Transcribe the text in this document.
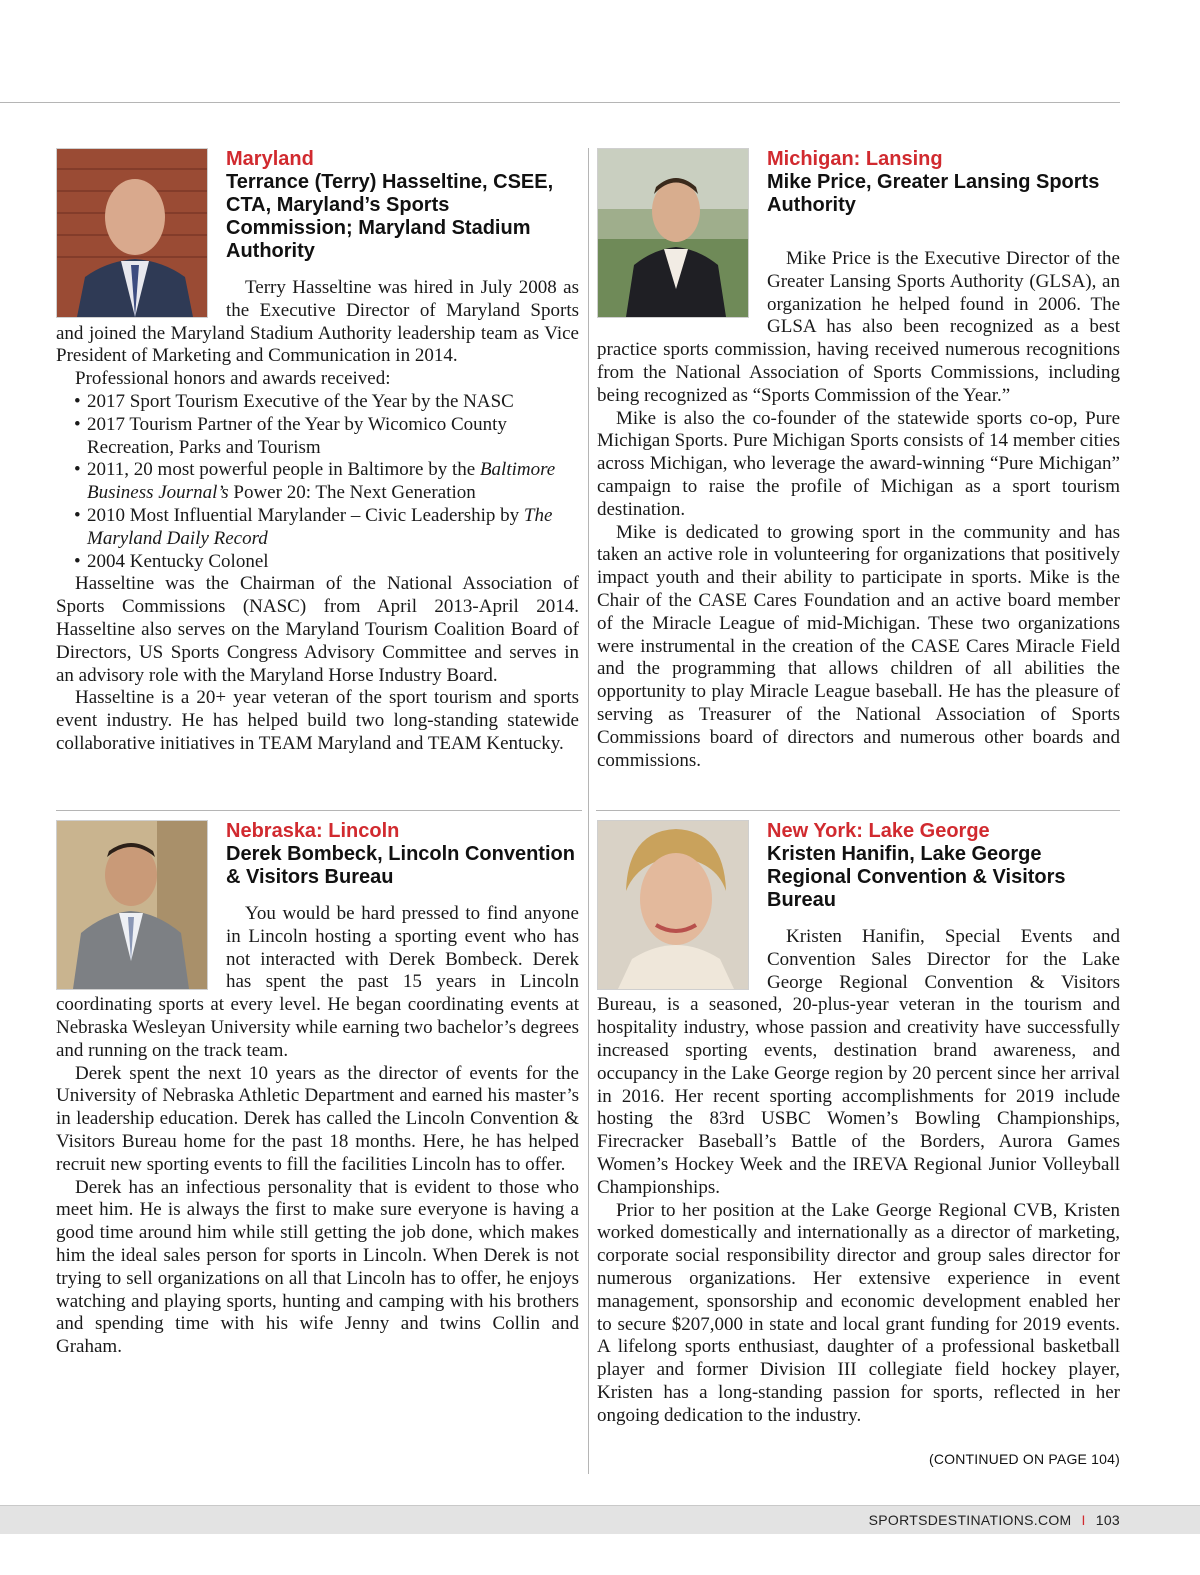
Maryland
Terrance (Terry) Hasseltine, CSEE, CTA, Maryland’s Sports Commission; Maryland Stadium Authority

Terry Hasseltine was hired in July 2008 as the Executive Director of Maryland Sports and joined the Maryland Stadium Authority leadership team as Vice President of Marketing and Communication in 2014.

Professional honors and awards received:

• 2017 Sport Tourism Executive of the Year by the NASC
• 2017 Tourism Partner of the Year by Wicomico County Recreation, Parks and Tourism
• 2011, 20 most powerful people in Baltimore by the Baltimore Business Journal’s Power 20: The Next Generation
• 2010 Most Influential Marylander – Civic Leadership by The Maryland Daily Record
• 2004 Kentucky Colonel

Hasseltine was the Chairman of the National Association of Sports Commissions (NASC) from April 2013-April 2014. Hasseltine also serves on the Maryland Tourism Coalition Board of Directors, US Sports Congress Advisory Committee and serves in an advisory role with the Maryland Horse Industry Board.

Hasseltine is a 20+ year veteran of the sport tourism and sports event industry. He has helped build two long-standing statewide collaborative initiatives in TEAM Maryland and TEAM Kentucky.

Michigan: Lansing
Mike Price, Greater Lansing Sports Authority

Mike Price is the Executive Director of the Greater Lansing Sports Authority (GLSA), an organization he helped found in 2006. The GLSA has also been recognized as a best practice sports commission, having received numerous recognitions from the National Association of Sports Commissions, including being recognized as “Sports Commission of the Year.”

Mike is also the co-founder of the statewide sports co-op, Pure Michigan Sports. Pure Michigan Sports consists of 14 member cities across Michigan, who leverage the award-winning “Pure Michigan” campaign to raise the profile of Michigan as a sport tourism destination.

Mike is dedicated to growing sport in the community and has taken an active role in volunteering for organizations that positively impact youth and their ability to participate in sports. Mike is the Chair of the CASE Cares Foundation and an active board member of the Miracle League of mid-Michigan. These two organizations were instrumental in the creation of the CASE Cares Miracle Field and the programming that allows children of all abilities the opportunity to play Miracle League baseball. He has the pleasure of serving as Treasurer of the National Association of Sports Commissions board of directors and numerous other boards and commissions.

Nebraska: Lincoln
Derek Bombeck, Lincoln Convention & Visitors Bureau

You would be hard pressed to find anyone in Lincoln hosting a sporting event who has not interacted with Derek Bombeck. Derek has spent the past 15 years in Lincoln coordinating sports at every level. He began coordinating events at Nebraska Wesleyan University while earning two bachelor’s degrees and running on the track team.

Derek spent the next 10 years as the director of events for the University of Nebraska Athletic Department and earned his master’s in leadership education. Derek has called the Lincoln Convention & Visitors Bureau home for the past 18 months. Here, he has helped recruit new sporting events to fill the facilities Lincoln has to offer.

Derek has an infectious personality that is evident to those who meet him. He is always the first to make sure everyone is having a good time around him while still getting the job done, which makes him the ideal sales person for sports in Lincoln. When Derek is not trying to sell organizations on all that Lincoln has to offer, he enjoys watching and playing sports, hunting and camping with his brothers and spending time with his wife Jenny and twins Collin and Graham.

New York: Lake George
Kristen Hanifin, Lake George Regional Convention & Visitors Bureau

Kristen Hanifin, Special Events and Convention Sales Director for the Lake George Regional Convention & Visitors Bureau, is a seasoned, 20-plus-year veteran in the tourism and hospitality industry, whose passion and creativity have successfully increased sporting events, destination brand awareness, and occupancy in the Lake George region by 20 percent since her arrival in 2016. Her recent sporting accomplishments for 2019 include hosting the 83rd USBC Women’s Bowling Championships, Firecracker Baseball’s Battle of the Borders, Aurora Games Women’s Hockey Week and the IREVA Regional Junior Volleyball Championships.

Prior to her position at the Lake George Regional CVB, Kristen worked domestically and internationally as a director of marketing, corporate social responsibility director and group sales director for numerous organizations. Her extensive experience in event management, sponsorship and economic development enabled her to secure $207,000 in state and local grant funding for 2019 events. A lifelong sports enthusiast, daughter of a professional basketball player and former Division III collegiate field hockey player, Kristen has a long-standing passion for sports, reflected in her ongoing dedication to the industry.

(CONTINUED ON PAGE 104)
SPORTSDESTINATIONS.COM I 103
